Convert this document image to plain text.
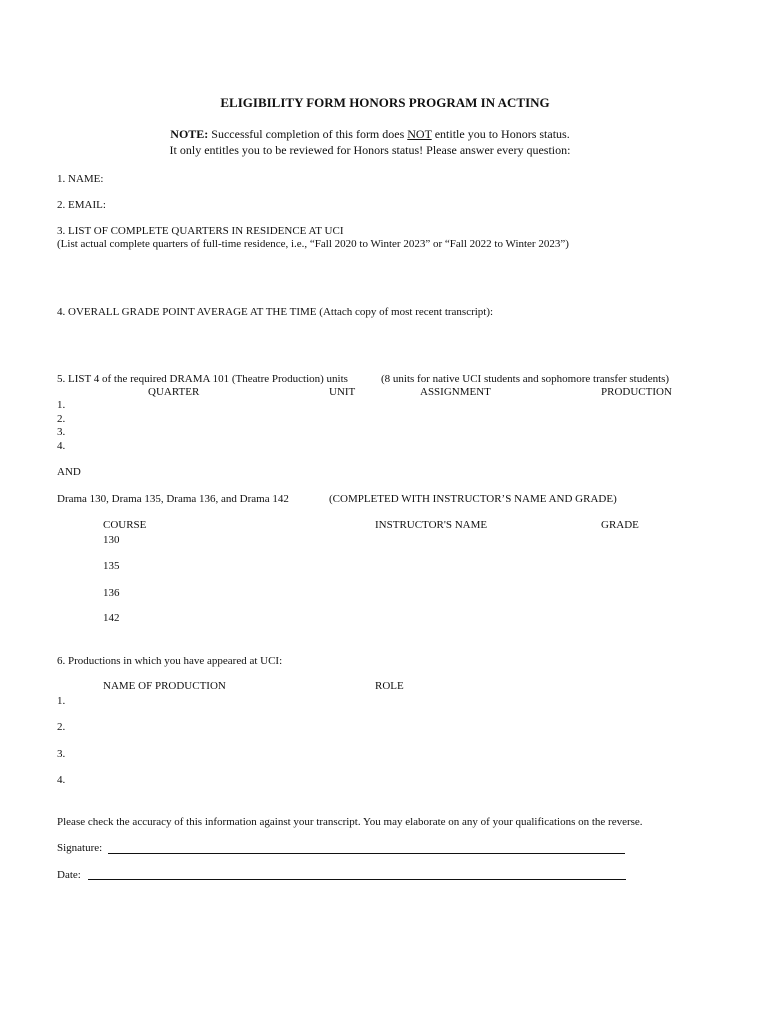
ELIGIBILITY FORM HONORS PROGRAM IN ACTING
NOTE: Successful completion of this form does NOT entitle you to Honors status.
It only entitles you to be reviewed for Honors status! Please answer every question:
1. NAME:
2. EMAIL:
3. LIST OF COMPLETE QUARTERS IN RESIDENCE AT UCI
(List actual complete quarters of full-time residence, i.e., “Fall 2020 to Winter 2023” or “Fall 2022 to Winter 2023”)
4. OVERALL GRADE POINT AVERAGE AT THE TIME (Attach copy of most recent transcript):
5. LIST 4 of the required DRAMA 101 (Theatre Production) units	(8 units for native UCI students and sophomore transfer students)
QUARTER	UNIT	ASSIGNMENT	PRODUCTION
1.
2.
3.
4.
AND
Drama 130, Drama 135, Drama 136, and Drama 142	(COMPLETED WITH INSTRUCTOR’S NAME AND GRADE)
COURSE	INSTRUCTOR'S NAME	GRADE
130
135
136
142
6. Productions in which you have appeared at UCI:
NAME OF PRODUCTION	ROLE
1.
2.
3.
4.
Please check the accuracy of this information against your transcript. You may elaborate on any of your qualifications on the reverse.
Signature:
Date:
